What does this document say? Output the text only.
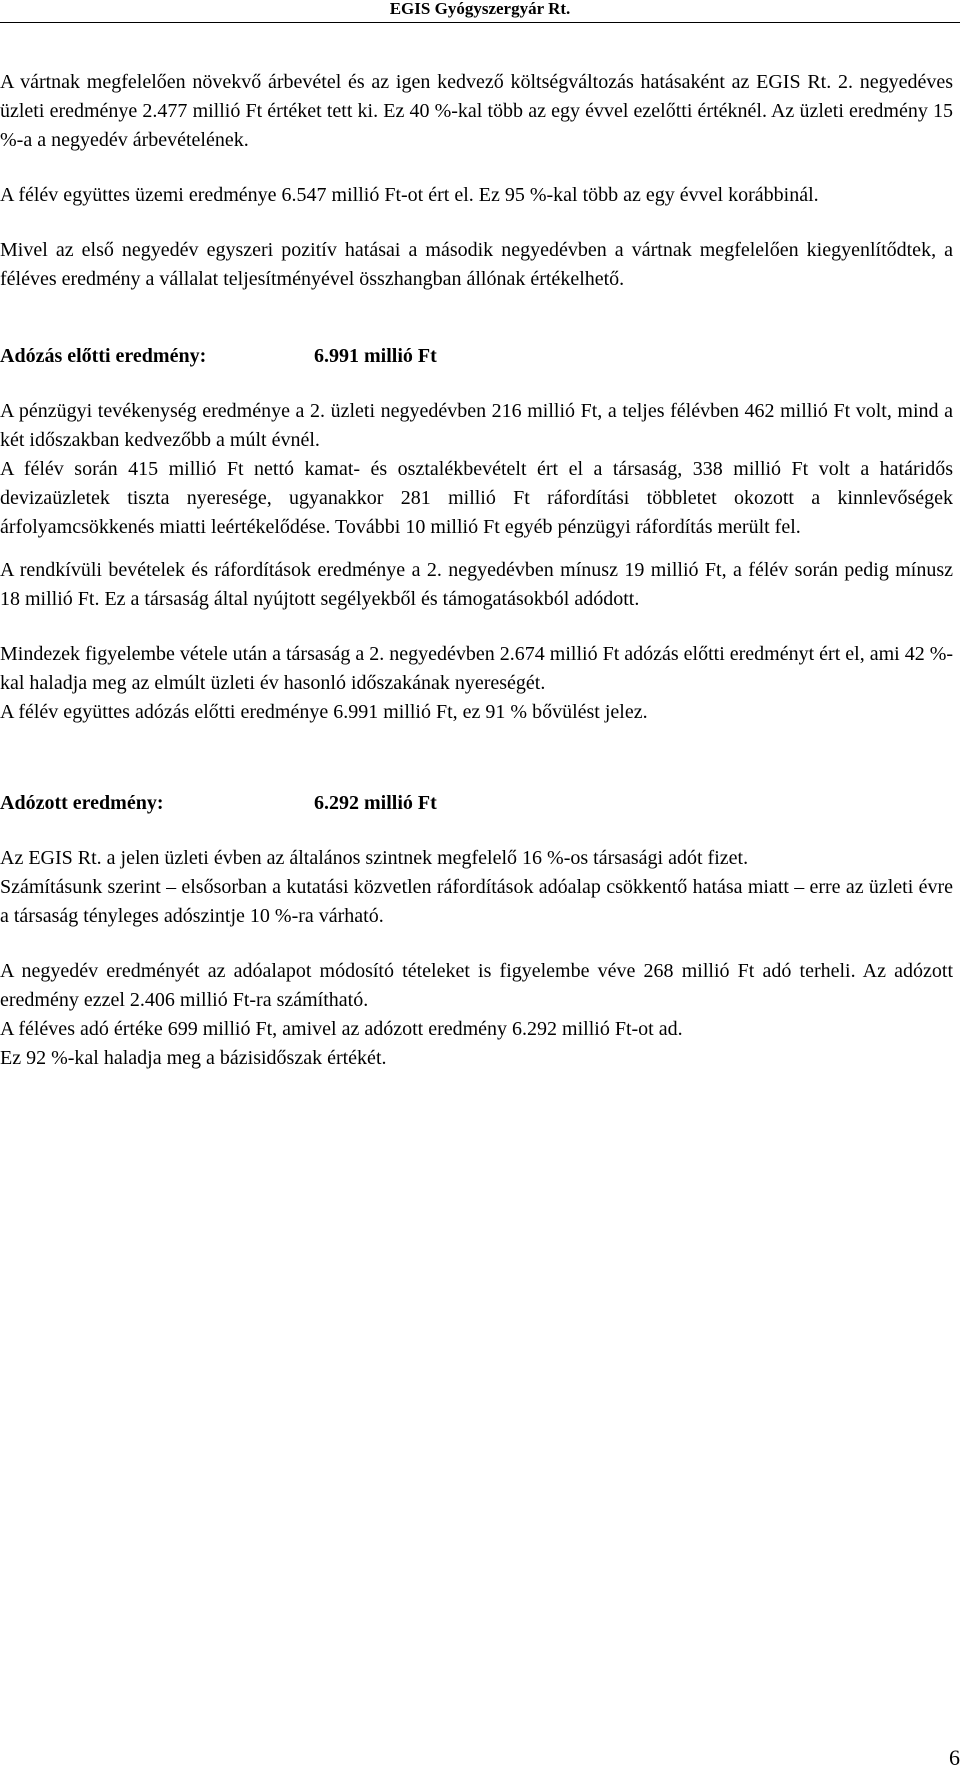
EGIS Gyógyszergyár Rt.

A vártnak megfelelően növekvő árbevétel és az igen kedvező költségváltozás hatásaként az EGIS Rt. 2. negyedéves üzleti eredménye 2.477 millió Ft értéket tett ki. Ez 40 %-kal több az egy évvel ezelőtti értéknél. Az üzleti eredmény 15 %-a a negyedév árbevételének.

A félév együttes üzemi eredménye 6.547 millió Ft-ot ért el. Ez 95 %-kal több az egy évvel korábbinál.

Mivel az első negyedév egyszeri pozitív hatásai a második negyedévben a vártnak megfelelően kiegyenlítődtek, a féléves eredmény a vállalat teljesítményével összhangban állónak értékelhető.

Adózás előtti eredmény:	6.991 millió Ft

A pénzügyi tevékenység eredménye a 2. üzleti negyedévben 216 millió Ft, a teljes félévben 462 millió Ft volt, mind a két időszakban kedvezőbb a múlt évnél.

A félév során 415 millió Ft nettó kamat- és osztalékbevételt ért el a társaság, 338 millió Ft volt a határidős devizaüzletek tiszta nyeresége, ugyanakkor 281 millió Ft ráfordítási többletet okozott a kinnlevőségek árfolyamcsökkenés miatti leértékelődése. További 10 millió Ft egyéb pénzügyi ráfordítás merült fel.

A rendkívüli bevételek és ráfordítások eredménye a 2. negyedévben mínusz 19 millió Ft, a félév során pedig mínusz 18 millió Ft. Ez a társaság által nyújtott segélyekből és támogatásokból adódott.

Mindezek figyelembe vétele után a társaság a 2. negyedévben 2.674 millió Ft adózás előtti eredményt ért el, ami 42 %-kal haladja meg az elmúlt üzleti év hasonló időszakának nyereségét.

A félév együttes adózás előtti eredménye 6.991 millió Ft, ez 91 % bővülést jelez.

Adózott eredmény:	6.292 millió Ft

Az EGIS Rt. a jelen üzleti évben az általános szintnek megfelelő 16 %-os társasági adót fizet.

Számításunk szerint – elsősorban a kutatási közvetlen ráfordítások adóalap csökkentő hatása miatt – erre az üzleti évre a társaság tényleges adószintje 10 %-ra várható.

A negyedév eredményét az adóalapot módosító tételeket is figyelembe véve 268 millió Ft adó terheli. Az adózott eredmény ezzel 2.406 millió Ft-ra számítható.

A féléves adó értéke 699 millió Ft, amivel az adózott eredmény 6.292 millió Ft-ot ad.

Ez 92 %-kal haladja meg a bázisidőszak értékét.

6
